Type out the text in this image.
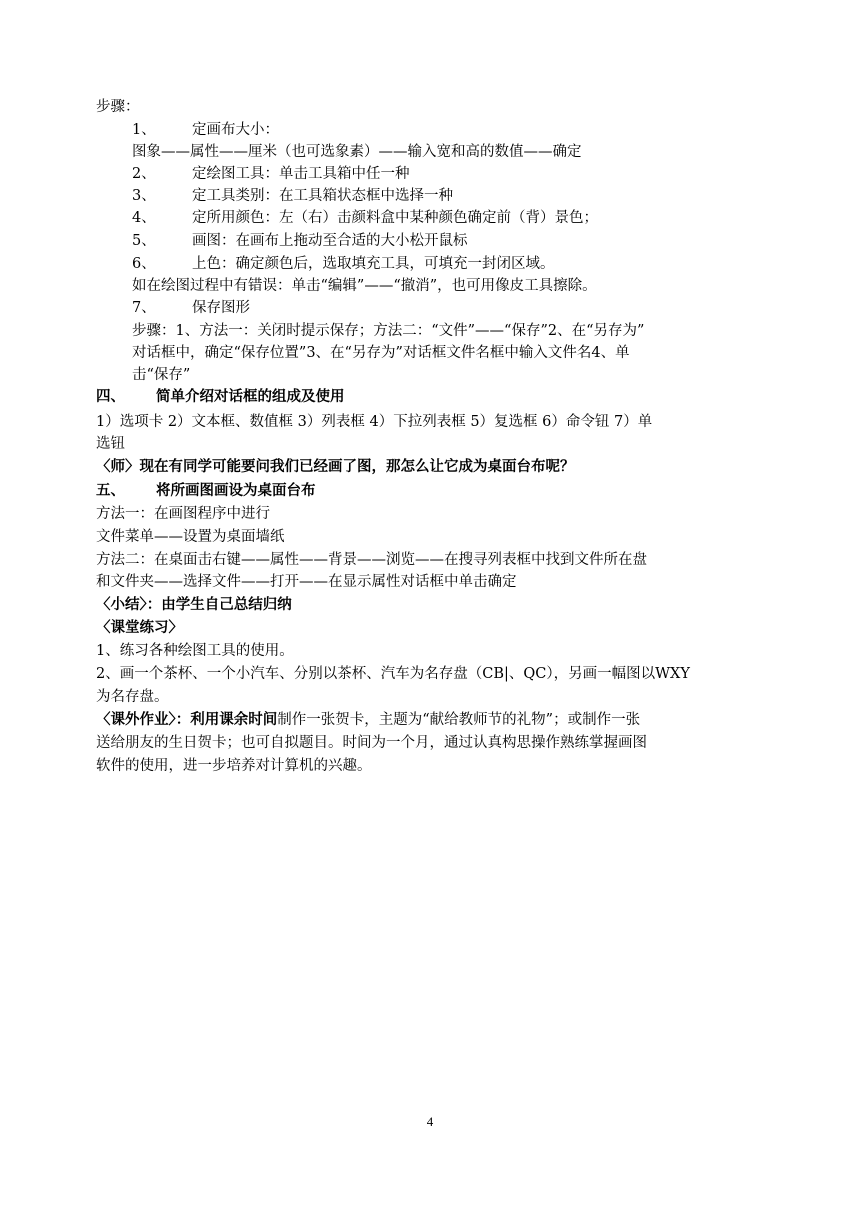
步骤：
1、	定画布大小：
图象——属性——厘米（也可选象素）——输入宽和高的数值——确定
2、	定绘图工具：单击工具箱中任一种
3、	定工具类别：在工具箱状态框中选择一种
4、	定所用颜色：左（右）击颜料盒中某种颜色确定前（背）景色；
5、	画图：在画布上拖动至合适的大小松开鼠标
6、	上色：确定颜色后，选取填充工具，可填充一封闭区域。
如在绘图过程中有错误：单击“编辑”——“撤消”，也可用像皮工具擦除。
7、	保存图形
步骤：1、方法一：关闭时提示保存；方法二：“文件”——“保存”2、在“另存为”
对话框中，确定“保存位置”3、在“另存为”对话框文件名框中输入文件名4、单
击“保存”
四、 简单介绍对话框的组成及使用
1）选项卡 2）文本框、数值框 3）列表框 4）下拉列表框 5）复选框 6）命令钮 7）单
选钮
〈师〉现在有同学可能要问我们已经画了图，那怎么让它成为桌面台布呢？
五、 将所画图画设为桌面台布
方法一：在画图程序中进行
文件菜单——设置为桌面墙纸
方法二：在桌面击右键——属性——背景——浏览——在搜寻列表框中找到文件所在盘
和文件夹——选择文件——打开——在显示属性对话框中单击确定
〈小结〉：由学生自己总结归纳
〈课堂练习〉
1、练习各种绘图工具的使用。
2、画一个茶杯、一个小汽车、分别以茶杯、汽车为名存盘（CB|、QC），另画一幅图以WXY
为名存盘。
〈课外作业〉：利用课余时间制作一张贺卡，主题为“献给教师节的礼物”；或制作一张
送给朋友的生日贺卡；也可自拟题目。时间为一个月，通过认真构思操作熟练掌握画图
软件的使用，进一步培养对计算机的兴趣。
4
